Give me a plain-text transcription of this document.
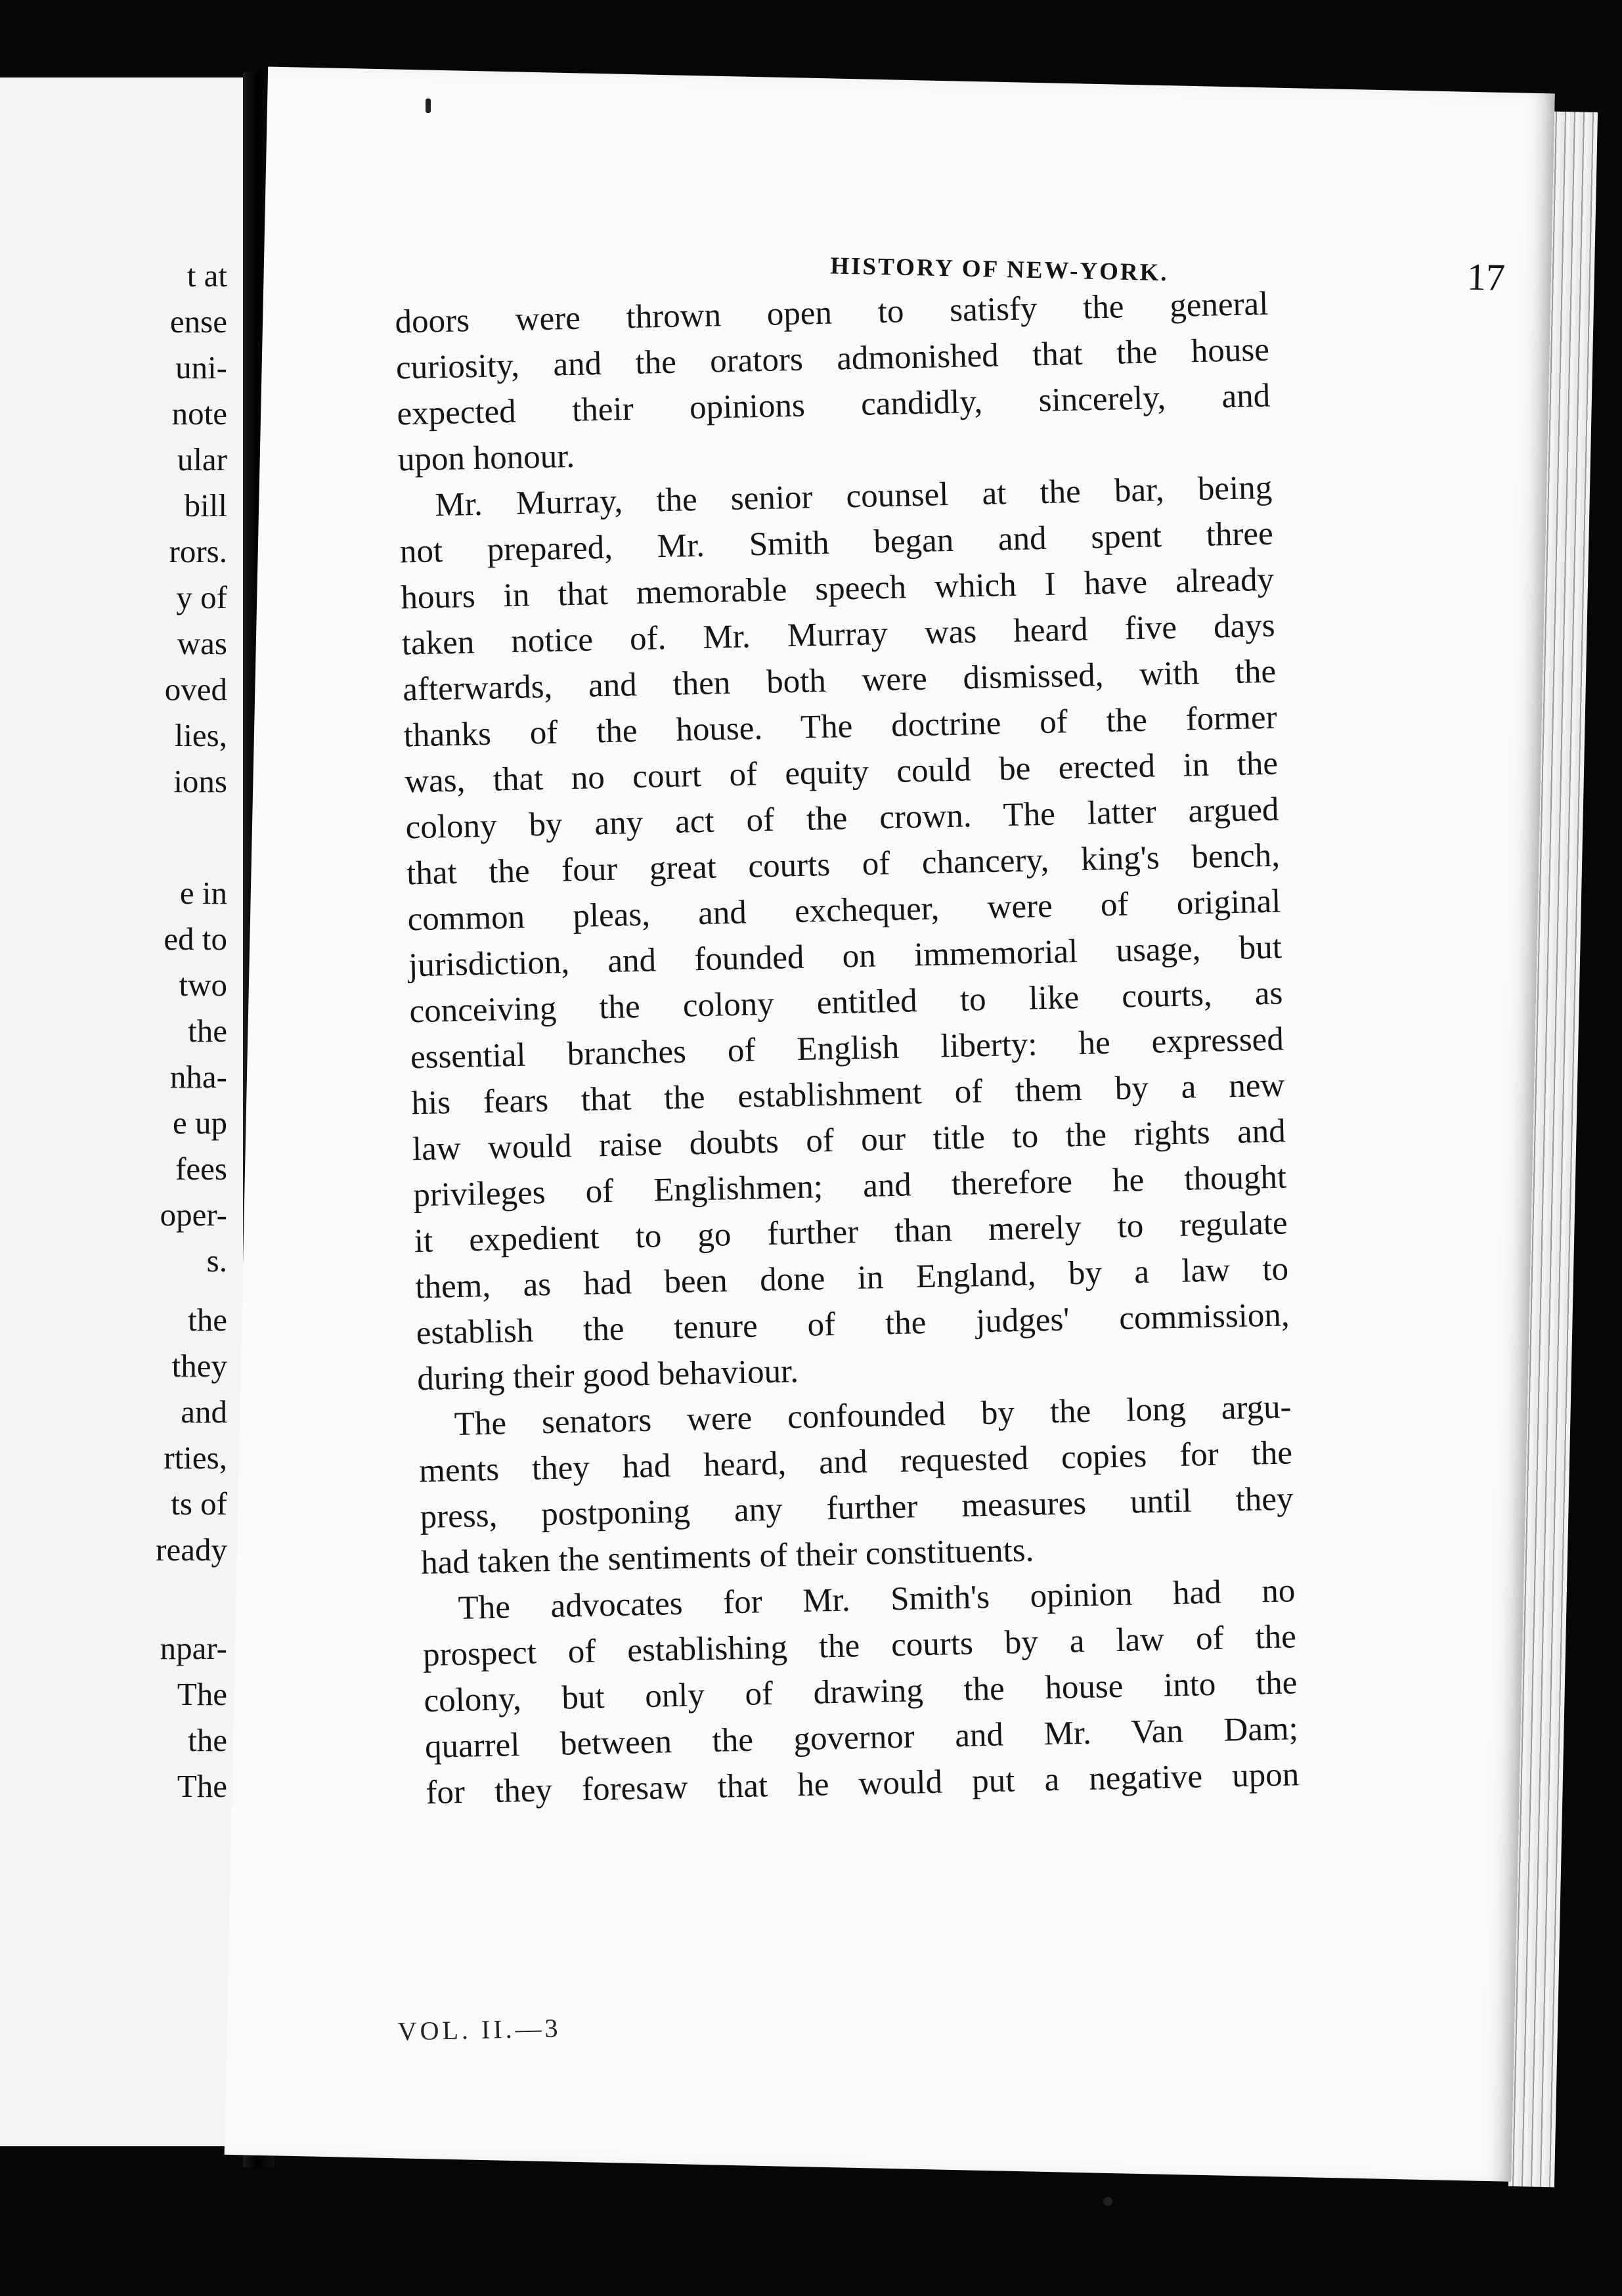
t at
ense
uni-
note
ular
bill
rors.
y of
was
oved
lies,
ions
e in
ed to
two
the
nha-
e up
fees
oper-
s.
the
they
and
rties,
ts of
ready
npar-
The
the
The
HISTORY OF NEW-YORK.	17
doors were thrown open to satisfy the general
curiosity, and the orators admonished that the house
expected their opinions candidly, sincerely, and
upon honour.
Mr. Murray, the senior counsel at the bar, being
not prepared, Mr. Smith began and spent three
hours in that memorable speech which I have already
taken notice of. Mr. Murray was heard five days
afterwards, and then both were dismissed, with the
thanks of the house. The doctrine of the former
was, that no court of equity could be erected in the
colony by any act of the crown. The latter argued
that the four great courts of chancery, king's bench,
common pleas, and exchequer, were of original
jurisdiction, and founded on immemorial usage, but
conceiving the colony entitled to like courts, as
essential branches of English liberty: he expressed
his fears that the establishment of them by a new
law would raise doubts of our title to the rights and
privileges of Englishmen; and therefore he thought
it expedient to go further than merely to regulate
them, as had been done in England, by a law to
establish the tenure of the judges' commission,
during their good behaviour.
The senators were confounded by the long argu-
ments they had heard, and requested copies for the
press, postponing any further measures until they
had taken the sentiments of their constituents.
The advocates for Mr. Smith's opinion had no
prospect of establishing the courts by a law of the
colony, but only of drawing the house into the
quarrel between the governor and Mr. Van Dam;
for they foresaw that he would put a negative upon
VOL. II.—3
